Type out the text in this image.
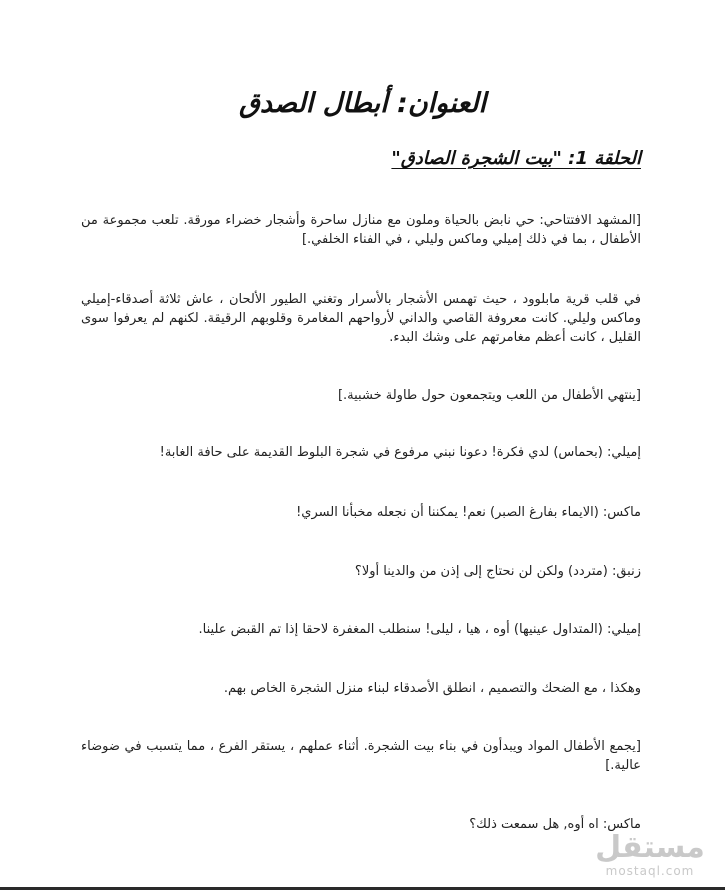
العنوان: أبطال الصدق
الحلقة 1: "بيت الشجرة الصادق"

[المشهد الافتتاحي: حي نابض بالحياة وملون مع منازل ساحرة وأشجار خضراء مورقة. تلعب مجموعة من الأطفال ، بما في ذلك إميلي وماكس وليلي ، في الفناء الخلفي.]

في قلب قرية مابلوود ، حيث تهمس الأشجار بالأسرار وتغني الطيور الألحان ، عاش ثلاثة أصدقاء-إميلي وماكس وليلي. كانت معروفة القاصي والداني لأرواحهم المغامرة وقلوبهم الرقيقة. لكنهم لم يعرفوا سوى القليل ، كانت أعظم مغامرتهم على وشك البدء.

[ينتهي الأطفال من اللعب ويتجمعون حول طاولة خشبية.]

إميلي: (بحماس) لدي فكرة! دعونا نبني مرفوع في شجرة البلوط القديمة على حافة الغابة!

ماكس: (الايماء بفارغ الصبر) نعم! يمكننا أن نجعله مخبأنا السري!

زنبق: (متردد) ولكن لن نحتاج إلى إذن من والدينا أولا؟

إميلي: (المتداول عينيها) أوه ، هيا ، ليلى! سنطلب المغفرة لاحقا إذا تم القبض علينا.

وهكذا ، مع الضحك والتصميم ، انطلق الأصدقاء لبناء منزل الشجرة الخاص بهم.

[يجمع الأطفال المواد ويبدأون في بناء بيت الشجرة. أثناء عملهم ، يستقر الفرع ، مما يتسبب في ضوضاء عالية.]

ماكس: اه أوه, هل سمعت ذلك؟

مستقل
mostaql.com
